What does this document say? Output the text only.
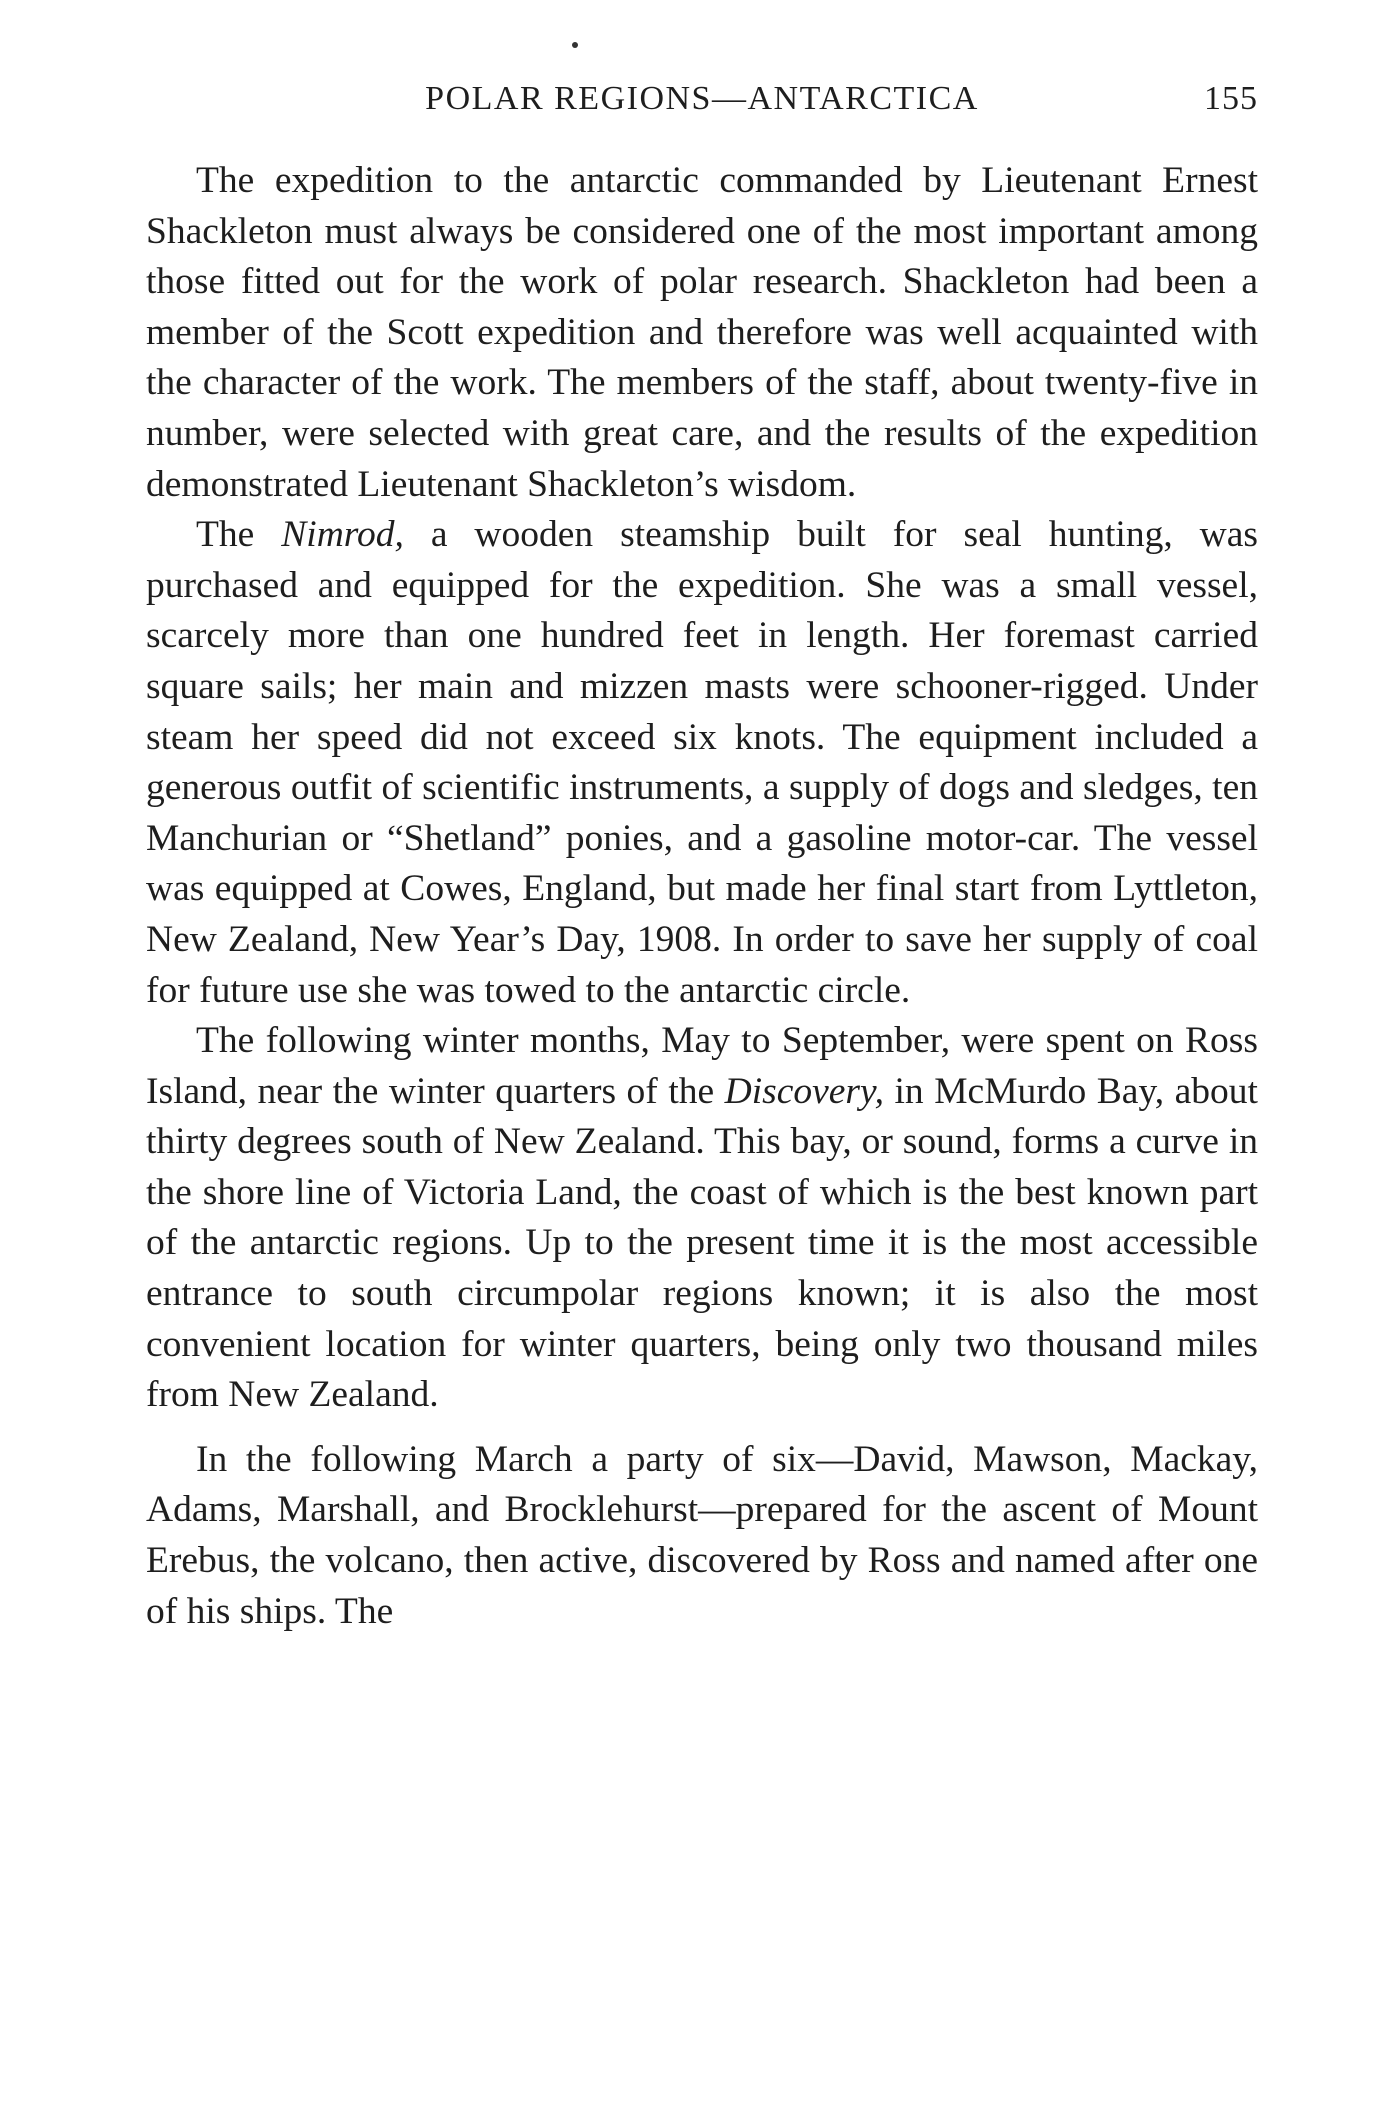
POLAR REGIONS—ANTARCTICA	155

The expedition to the antarctic commanded by Lieutenant Ernest Shackleton must always be considered one of the most important among those fitted out for the work of polar research. Shackleton had been a member of the Scott expedition and therefore was well acquainted with the character of the work. The members of the staff, about twenty-five in number, were selected with great care, and the results of the expedition demonstrated Lieutenant Shackleton’s wisdom.

The Nimrod, a wooden steamship built for seal hunting, was purchased and equipped for the expedition. She was a small vessel, scarcely more than one hundred feet in length. Her foremast carried square sails; her main and mizzen masts were schooner-rigged. Under steam her speed did not exceed six knots. The equipment included a generous outfit of scientific instruments, a supply of dogs and sledges, ten Manchurian or “Shetland” ponies, and a gasoline motor-car. The vessel was equipped at Cowes, England, but made her final start from Lyttleton, New Zealand, New Year’s Day, 1908. In order to save her supply of coal for future use she was towed to the antarctic circle.

The following winter months, May to September, were spent on Ross Island, near the winter quarters of the Discovery, in McMurdo Bay, about thirty degrees south of New Zealand. This bay, or sound, forms a curve in the shore line of Victoria Land, the coast of which is the best known part of the antarctic regions. Up to the present time it is the most accessible entrance to south circumpolar regions known; it is also the most convenient location for winter quarters, being only two thousand miles from New Zealand.

In the following March a party of six—David, Mawson, Mackay, Adams, Marshall, and Brocklehurst—prepared for the ascent of Mount Erebus, the volcano, then active, discovered by Ross and named after one of his ships. The
